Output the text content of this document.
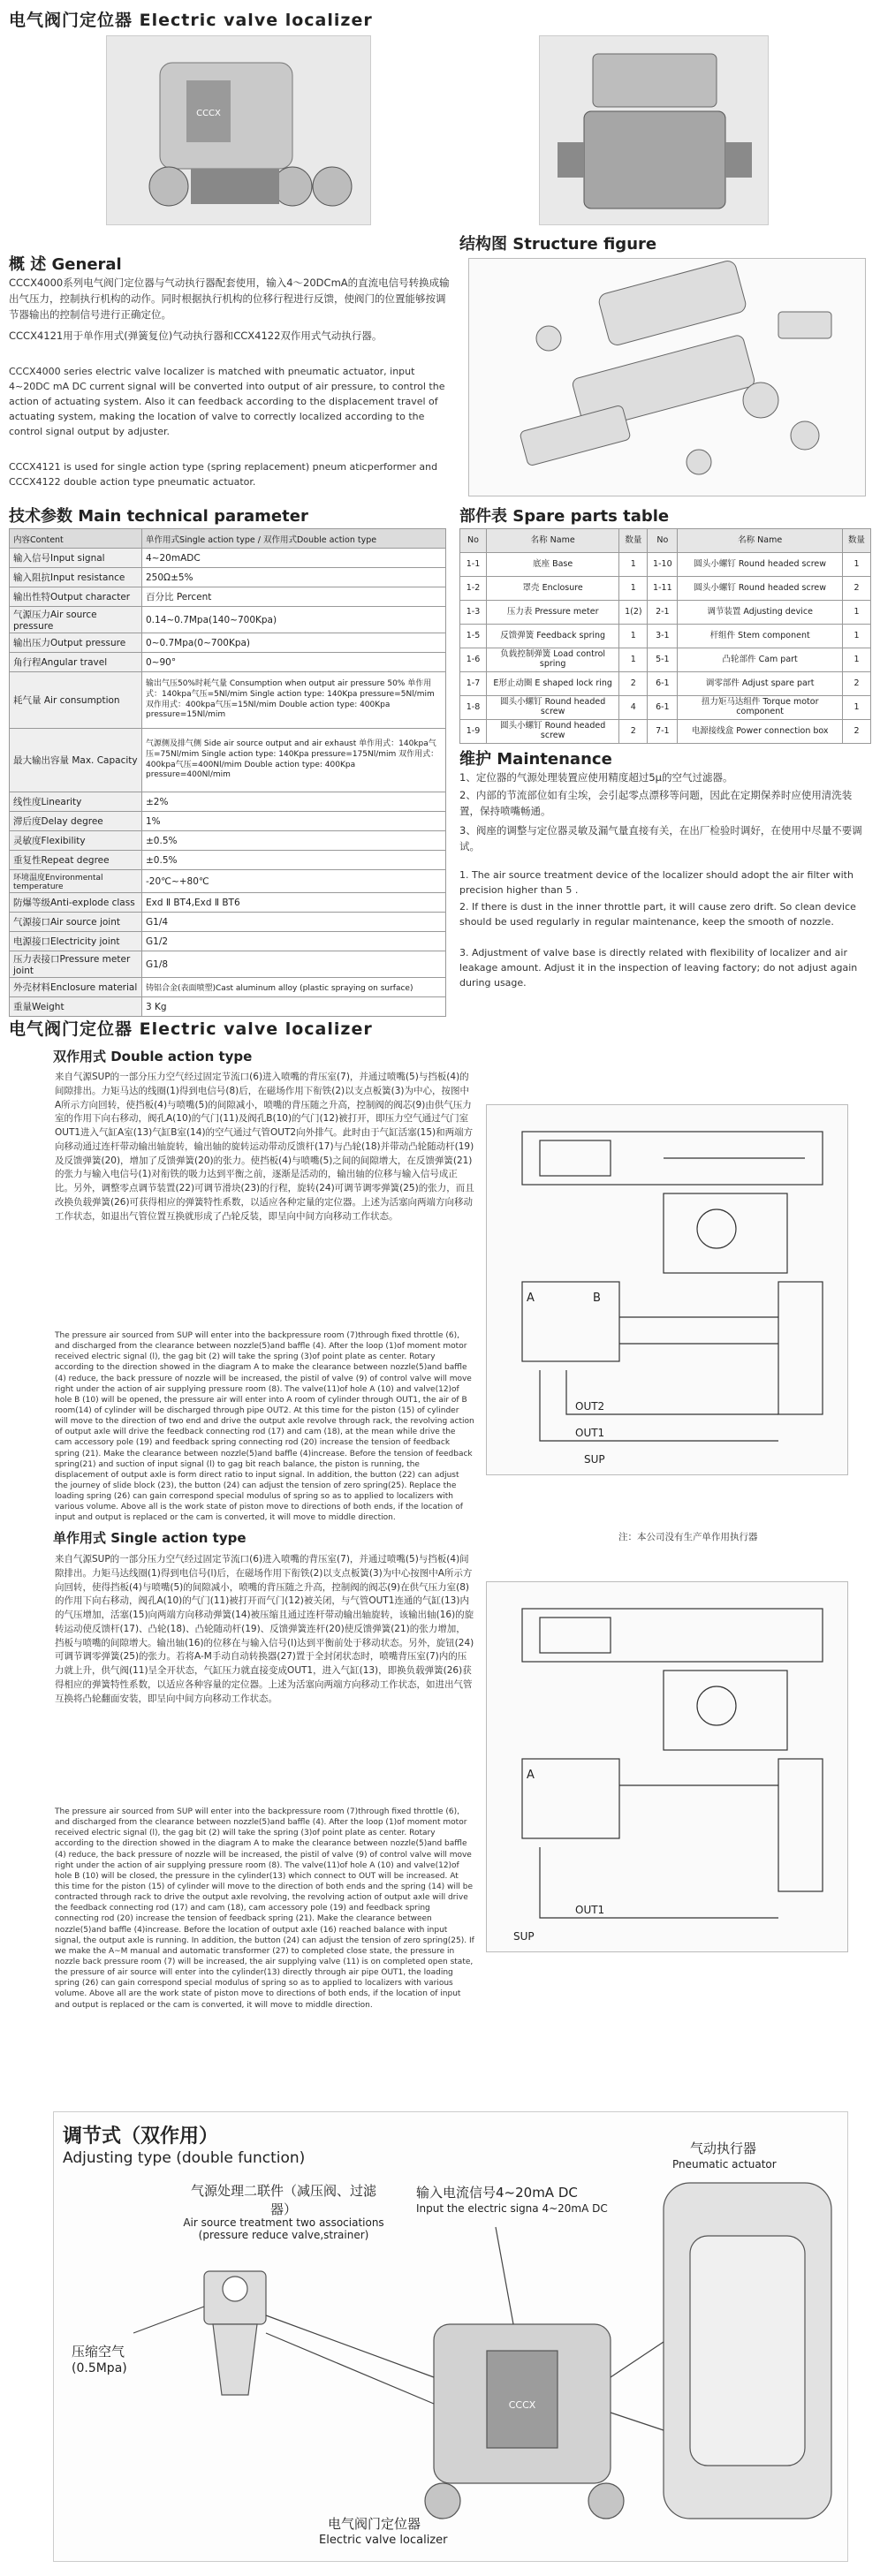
电气阀门定位器 Electric valve localizer
CCCX
概 述 General
CCCX4000系列电气阀门定位器与气动执行器配套使用，输入4～20DCmA的直流电信号转换成输出气压力，控制执行机构的动作。同时根据执行机构的位移行程进行反馈，使阀门的位置能够按调节器输出的控制信号进行正确定位。
CCCX4121用于单作用式(弹簧复位)气动执行器和CCX4122双作用式气动执行器。
CCCX4000 series electric valve localizer is matched with pneumatic actuator, input 4~20DC mA DC current signal will be converted into output of air pressure, to control the action of actuating system. Also it can feedback according to the displacement travel of actuating system, making the location of valve to correctly localized according to the control signal output by adjuster.
CCCX4121 is used for single action type (spring replacement) pneum aticperformer and CCCX4122 double action type pneumatic actuator.
结构图 Structure figure
技术参数 Main technical parameter
内容Content	单作用式Single action type / 双作用式Double action type
输入信号Input signal	4~20mADC
输入阻抗Input resistance	250Ω±5%
输出性特Output character	百分比 Percent
气源压力Air source pressure	0.14~0.7Mpa(140~700Kpa)
输出压力Output pressure	0~0.7Mpa(0~700Kpa)
角行程Angular travel	0~90°
耗气量 Air consumption	输出气压50%时耗气量 Consumption when output air pressure 50% 单作用式：140kpa气压=5Nl/mim Single action type: 140Kpa pressure=5Nl/mim 双作用式：400kpa气压=15Nl/mim Double action type: 400Kpa pressure=15Nl/mim
最大输出容量 Max. Capacity	气源侧及排气侧 Side air source output and air exhaust 单作用式：140kpa气压=75Nl/mim Single action type: 140Kpa pressure=175Nl/mim 双作用式：400kpa气压=400Nl/mim Double action type: 400Kpa pressure=400Nl/mim
线性度Linearity	±2%
滞后度Delay degree	1%
灵敏度Flexibility	±0.5%
重复性Repeat degree	±0.5%
环境温度Environmental temperature	-20℃~+80℃
防爆等级Anti-explode class	Exd Ⅱ BT4,Exd Ⅱ BT6
气源接口Air source joint	G1/4
电源接口Electricity joint	G1/2
压力表接口Pressure meter joint	G1/8
外壳材料Enclosure material	铸铝合金(表面喷塑)Cast aluminum alloy (plastic spraying on surface)
重量Weight	3 Kg
部件表 Spare parts table
No	名称 Name	数量	No	名称 Name	数量
1-1	底座 Base	1	1-10	圆头小螺钉 Round headed screw	1
1-2	罩壳 Enclosure	1	1-11	圆头小螺钉 Round headed screw	2
1-3	压力表 Pressure meter	1(2)	2-1	调节装置 Adjusting device	1
1-5	反馈弹簧 Feedback spring	1	3-1	杆组件 Stem component	1
1-6	负载控制弹簧 Load control spring	1	5-1	凸轮部件 Cam part	1
1-7	E形止动圈 E shaped lock ring	2	6-1	调零部件 Adjust spare part	2
1-8	圆头小螺钉 Round headed screw	4	6-1	扭力矩马达组件 Torque motor component	1
1-9	圆头小螺钉 Round headed screw	2	7-1	电源接线盒 Power connection box	2
维护 Maintenance
1、定位器的气源处理装置应使用精度超过5μ的空气过滤器。
2、内部的节流部位如有尘埃，会引起零点漂移等问题，因此在定期保养时应使用清洗装置，保持喷嘴畅通。
3、阀座的调整与定位器灵敏及漏气量直接有关，在出厂检验时调好，在使用中尽量不要调试。
1. The air source treatment device of the localizer should adopt the air filter with precision higher than 5 .
2. If there is dust in the inner throttle part, it will cause zero drift. So clean device should be used regularly in regular maintenance, keep the smooth of nozzle.
3. Adjustment of valve base is directly related with flexibility of localizer and air leakage amount. Adjust it in the inspection of leaving factory; do not adjust again during usage.
电气阀门定位器 Electric valve localizer
双作用式 Double action type
来自气源SUP的一部分压力空气经过固定节流口(6)进入喷嘴的背压室(7)，并通过喷嘴(5)与挡板(4)的间隙排出。力矩马达的线圈(1)得到电信号(8)后，在磁场作用下衔铁(2)以支点板簧(3)为中心，按图中A所示方向回转，使挡板(4)与喷嘴(5)的间隙减小，喷嘴的背压随之升高，控制阀的阀芯(9)由供气压力室的作用下向右移动，阀孔A(10)的气门(11)及阀孔B(10)的气门(12)被打开，即压力空气通过气门室OUT1进入气缸A室(13)气缸B室(14)的空气通过气管OUT2向外排气。此时由于气缸活塞(15)和两端方向移动通过连杆带动输出轴旋转，输出轴的旋转运动带动反馈杆(17)与凸轮(18)并带动凸轮随动杆(19)及反馈弹簧(20)，增加了反馈弹簧(20)的张力。使挡板(4)与喷嘴(5)之间的间隙增大，在反馈弹簧(21)的张力与输入电信号(1)对衔铁的吸力达到平衡之前，逐渐是活动的，输出轴的位移与输入信号成正比。另外，调整零点调节装置(22)可调节滑块(23)的行程，旋转(24)可调节调零弹簧(25)的张力，而且改换负载弹簧(26)可获得相应的弹簧特性系数，以适应各种定量的定位器。上述为活塞向两端方向移动工作状态，如退出气管位置互换就形成了凸轮反装，即呈向中间方向移动工作状态。
The pressure air sourced from SUP will enter into the backpressure room (7)through fixed throttle (6), and discharged from the clearance between nozzle(5)and baffle (4). After the loop (1)of moment motor received electric signal (l), the gag bit (2) will take the spring (3)of point plate as center. Rotary according to the direction showed in the diagram A to make the clearance between nozzle(5)and baffle (4) reduce, the back pressure of nozzle will be increased, the pistil of valve (9) of control valve will move right under the action of air supplying pressure room (8). The valve(11)of hole A (10) and valve(12)of hole B (10) will be opened, the pressure air will enter into A room of cylinder through OUT1, the air of B room(14) of cylinder will be discharged through pipe OUT2. At this time for the piston (15) of cylinder will move to the direction of two end and drive the output axle revolve through rack, the revolving action of output axle will drive the feedback connecting rod (17) and cam (18), at the mean while drive the cam accessory pole (19) and feedback spring connecting rod (20) increase the tension of feedback spring (21). Make the clearance between nozzle(5)and baffle (4)increase. Before the tension of feedback spring(21) and suction of input signal (l) to gag bit reach balance, the piston is running, the displacement of output axle is form direct ratio to input signal. In addition, the button (22) can adjust the journey of slide block (23), the button (24) can adjust the tension of zero spring(25). Replace the loading spring (26) can gain correspond special modulus of spring so as to applied to localizers with various volume. Above all is the work state of piston move to directions of both ends, if the location of input and output is replaced or the cam is converted, it will move to middle direction.
A	B
OUT2
OUT1
SUP
单作用式 Single action type	注：本公司没有生产单作用执行器
来自气源SUP的一部分压力空气经过固定节流口(6)进入喷嘴的背压室(7)，并通过喷嘴(5)与挡板(4)间隙排出。力矩马达线圈(1)得到电信号(l)后，在磁场作用下衔铁(2)以支点板簧(3)为中心按图中A所示方向回转，使得挡板(4)与喷嘴(5)的间隙减小，喷嘴的背压随之升高，控制阀的阀芯(9)在供气压力室(8)的作用下向右移动，阀孔A(10)的气门(11)被打开而气门(12)被关闭，与气管OUT1连通的气缸(13)内的气压增加，活塞(15)向两端方向移动弹簧(14)被压缩且通过连杆带动输出轴旋转，该输出轴(16)的旋转运动使反馈杆(17)、凸轮(18)、凸轮随动杆(19)、反馈弹簧连杆(20)使反馈弹簧(21)的张力增加，挡板与喷嘴的间隙增大。输出轴(16)的位移在与输入信号(l)达到平衡前处于移动状态。另外，旋钮(24)可调节调零弹簧(25)的张力。若将A-M手动自动转换器(27)置于全封闭状态时，喷嘴背压室(7)内的压力就上升，供气阀(11)呈全开状态，气缸压力就直接变成OUT1，进入气缸(13)，即换负载弹簧(26)获得相应的弹簧特性系数，以适应各种容量的定位器。上述为活塞向两端方向移动工作状态，如进出气管互换将凸轮翻面安装，即呈向中间方向移动工作状态。
The pressure air sourced from SUP will enter into the backpressure room (7)through fixed throttle (6), and discharged from the clearance between nozzle(5)and baffle (4). After the loop (1)of moment motor received electric signal (l), the gag bit (2) will take the spring (3)of point plate as center. Rotary according to the direction showed in the diagram A to make the clearance between nozzle(5)and baffle (4) reduce, the back pressure of nozzle will be increased, the pistil of valve (9) of control valve will move right under the action of air supplying pressure room (8). The valve(11)of hole A (10) and valve(12)of hole B (10) will be closed, the pressure in the cylinder(13) which connect to OUT will be increased. At this time for the piston (15) of cylinder will move to the direction of both ends and the spring (14) will be contracted through rack to drive the output axle revolving, the revolving action of output axle will drive the feedback connecting rod (17) and cam (18), cam accessory pole (19) and feedback spring connecting rod (20) increase the tension of feedback spring (21). Make the clearance between nozzle(5)and baffle (4)increase. Before the location of output axle (16) reached balance with input signal, the output axle is running. In addition, the button (24) can adjust the tension of zero spring(25). If we make the A~M manual and automatic transformer (27) to completed close state, the pressure in nozzle back pressure room (7) will be increased, the air supplying valve (11) is on completed open state, the pressure of air source will enter into the cylinder(13) directly through air pipe OUT1, the loading spring (26) can gain correspond special modulus of spring so as to applied to localizers with various volume. Above all are the work state of piston move to directions of both ends, if the location of input and output is replaced or the cam is converted, it will move to middle direction.
A
OUT1
SUP
调节式（双作用）
Adjusting type (double function)
气源处理二联件（减压阀、过滤器）
Air source treatment two associations (pressure reduce valve,strainer)
输入电流信号4~20mA DC
Input the electric signa 4~20mA DC
气动执行器
Pneumatic actuator
压缩空气
(0.5Mpa)
电气阀门定位器
Electric valve localizer
CCCX
